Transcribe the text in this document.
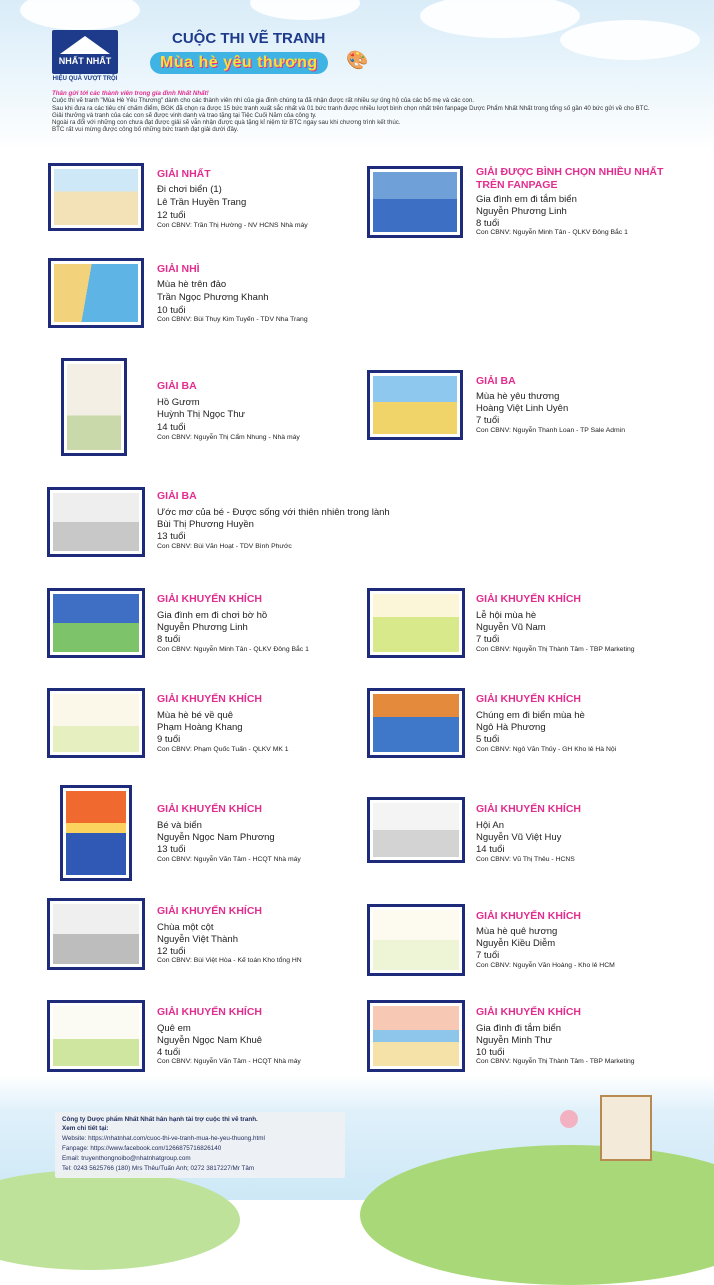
NHẤT NHẤT
HIỆU QUẢ VƯỢT TRỘI
CUỘC THI VẼ TRANH
Mùa hè yêu thương	🎨
Thân gửi tới các thành viên trong gia đình Nhất Nhất!
Cuộc thi vẽ tranh "Mùa Hè Yêu Thương" dành cho các thành viên nhí của gia đình chúng ta đã nhận được rất nhiều sự ủng hộ của các bố mẹ và các con.
Sau khi đưa ra các tiêu chí chấm điểm, BGK đã chọn ra được 15 bức tranh xuất sắc nhất và 01 bức tranh được nhiều lượt bình chọn nhất trên fanpage Dược Phẩm Nhất Nhất trong tổng số gần 40 bức gửi về cho BTC.
Giải thưởng và tranh của các con sẽ được vinh danh và trao tặng tại Tiệc Cuối Năm của công ty.
Ngoài ra đối với những con chưa đạt được giải sẽ vẫn nhận được quà tặng kỉ niệm từ BTC ngay sau khi chương trình kết thúc.
BTC rất vui mừng được công bố những bức tranh đạt giải dưới đây.
GIẢI NHẤT
Đi chơi biển (1)
Lê Trần Huyền Trang
12 tuổi
Con CBNV: Trần Thị Hường - NV HCNS Nhà máy
GIẢI ĐƯỢC BÌNH CHỌN NHIỀU NHẤT
TRÊN FANPAGE
Gia đình em đi tắm biển
Nguyễn Phương Linh
8 tuổi
Con CBNV: Nguyễn Minh Tân - QLKV Đông Bắc 1
GIẢI NHÌ
Mùa hè trên đảo
Trần Ngọc Phương Khanh
10 tuổi
Con CBNV: Bùi Thụy Kim Tuyến - TDV Nha Trang
GIẢI BA
Hồ Gươm
Huỳnh Thị Ngọc Thư
14 tuổi
Con CBNV: Nguyễn Thị Cẩm Nhung - Nhà máy
GIẢI BA
Mùa hè yêu thương
Hoàng Việt Linh Uyên
7 tuổi
Con CBNV: Nguyễn Thanh Loan - TP Sale Admin
GIẢI BA
Ước mơ của bé - Được sống với thiên nhiên trong lành
Bùi Thị Phương Huyền
13 tuổi
Con CBNV: Bùi Văn Hoạt - TDV Bình Phước
GIẢI KHUYẾN KHÍCH
Gia đình em đi chơi bờ hồ
Nguyễn Phương Linh
8 tuổi
Con CBNV: Nguyễn Minh Tân - QLKV Đông Bắc 1
GIẢI KHUYẾN KHÍCH
Lễ hội mùa hè
Nguyễn Vũ Nam
7 tuổi
Con CBNV: Nguyễn Thị Thành Tâm - TBP Marketing
GIẢI KHUYẾN KHÍCH
Mùa hè bé về quê
Phạm Hoàng Khang
9 tuổi
Con CBNV: Phạm Quốc Tuấn - QLKV MK 1
GIẢI KHUYẾN KHÍCH
Chúng em đi biển mùa hè
Ngô Hà Phương
5 tuổi
Con CBNV: Ngô Văn Thủy - GH Kho lẻ Hà Nội
GIẢI KHUYẾN KHÍCH
Bé và biển
Nguyễn Ngọc Nam Phương
13 tuổi
Con CBNV: Nguyễn Văn Tâm - HCQT Nhà máy
GIẢI KHUYẾN KHÍCH
Hội An
Nguyễn Vũ Việt Huy
14 tuổi
Con CBNV: Vũ Thị Thêu - HCNS
GIẢI KHUYẾN KHÍCH
Chùa một cột
Nguyễn Việt Thành
12 tuổi
Con CBNV: Bùi Việt Hòa - Kế toán Kho tổng HN
GIẢI KHUYẾN KHÍCH
Mùa hè quê hương
Nguyễn Kiều Diễm
7 tuổi
Con CBNV: Nguyễn Văn Hoàng - Kho lẻ HCM
GIẢI KHUYẾN KHÍCH
Quê em
Nguyễn Ngọc Nam Khuê
4 tuổi
Con CBNV: Nguyễn Văn Tâm - HCQT Nhà máy
GIẢI KHUYẾN KHÍCH
Gia đình đi tắm biển
Nguyễn Minh Thư
10 tuổi
Con CBNV: Nguyễn Thị Thành Tâm - TBP Marketing
Công ty Dược phẩm Nhất Nhất hân hạnh tài trợ cuộc thi vẽ tranh.
Xem chi tiết tại:
Website: https://nhatnhat.com/cuoc-thi-ve-tranh-mua-he-yeu-thuong.html
Fanpage: https://www.facebook.com/1266875716826140
Email: truyenthongnoibo@nhatnhatgroup.com
Tel: 0243 5625766 (180) Mrs Thêu/Tuấn Anh; 0272 3817227/Mr Tâm
